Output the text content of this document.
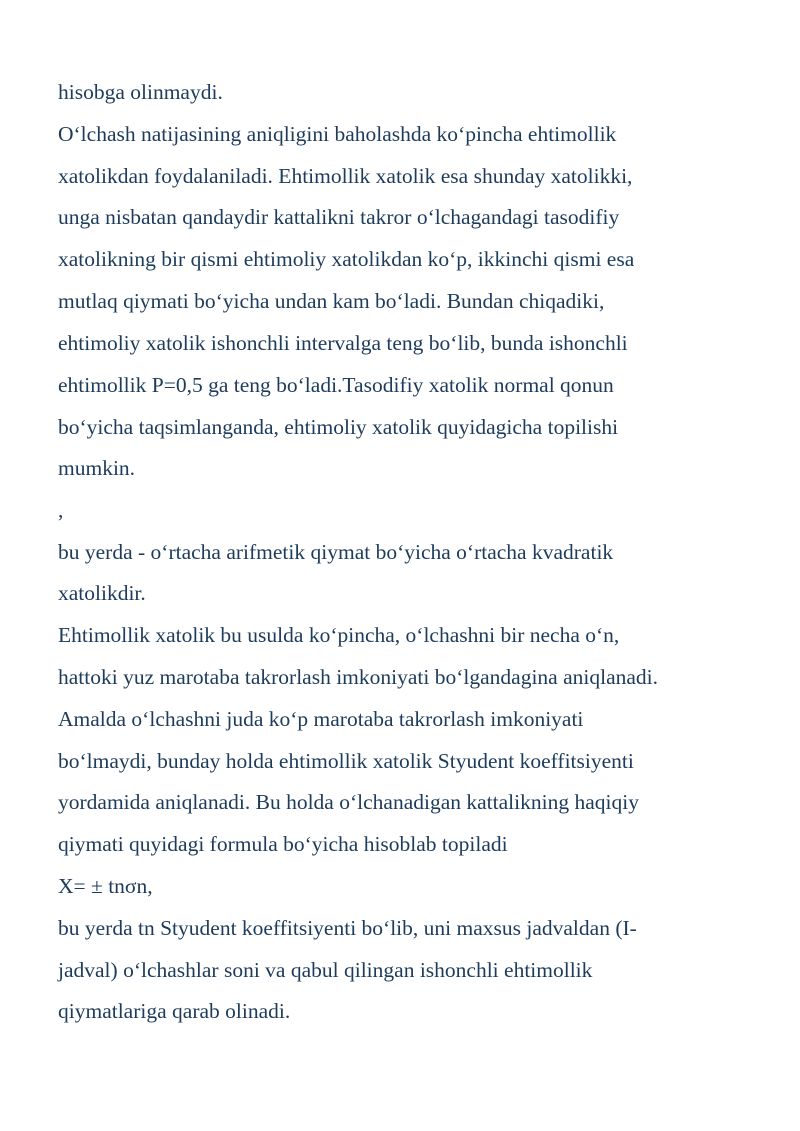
hisobga olinmaydi.

O‘lchash natijasining aniqligini baholashda ko‘pincha ehtimollik

xatolikdan foydalaniladi. Ehtimollik xatolik esa shunday xatolikki,

unga nisbatan qandaydir kattalikni takror o‘lchagandagi tasodifiy

xatolikning bir qismi ehtimoliy xatolikdan ko‘p, ikkinchi qismi esa

mutlaq qiymati bo‘yicha undan kam bo‘ladi. Bundan chiqadiki,

ehtimoliy xatolik ishonchli intervalga teng bo‘lib, bunda ishonchli

ehtimollik P=0,5 ga teng bo‘ladi.Tasodifiy xatolik normal qonun

bo‘yicha taqsimlanganda, ehtimoliy xatolik quyidagicha topilishi

mumkin.

,

bu yerda - o‘rtacha arifmetik qiymat bo‘yicha o‘rtacha kvadratik

xatolikdir.

Ehtimollik xatolik bu usulda ko‘pincha, o‘lchashni bir necha o‘n,

hattoki yuz marotaba takrorlash imkoniyati bo‘lgandagina aniqlanadi.

Amalda o‘lchashni juda ko‘p marotaba takrorlash imkoniyati

bo‘lmaydi, bunday holda ehtimollik xatolik Styudent koeffitsiyenti

yordamida aniqlanadi. Bu holda o‘lchanadigan kattalikning haqiqiy

qiymati quyidagi formula bo‘yicha hisoblab topiladi

X= ± tnσn,

bu yerda tn Styudent koeffitsiyenti bo‘lib, uni maxsus jadvaldan (I-

jadval) o‘lchashlar soni va qabul qilingan ishonchli ehtimollik

qiymatlariga qarab olinadi.
